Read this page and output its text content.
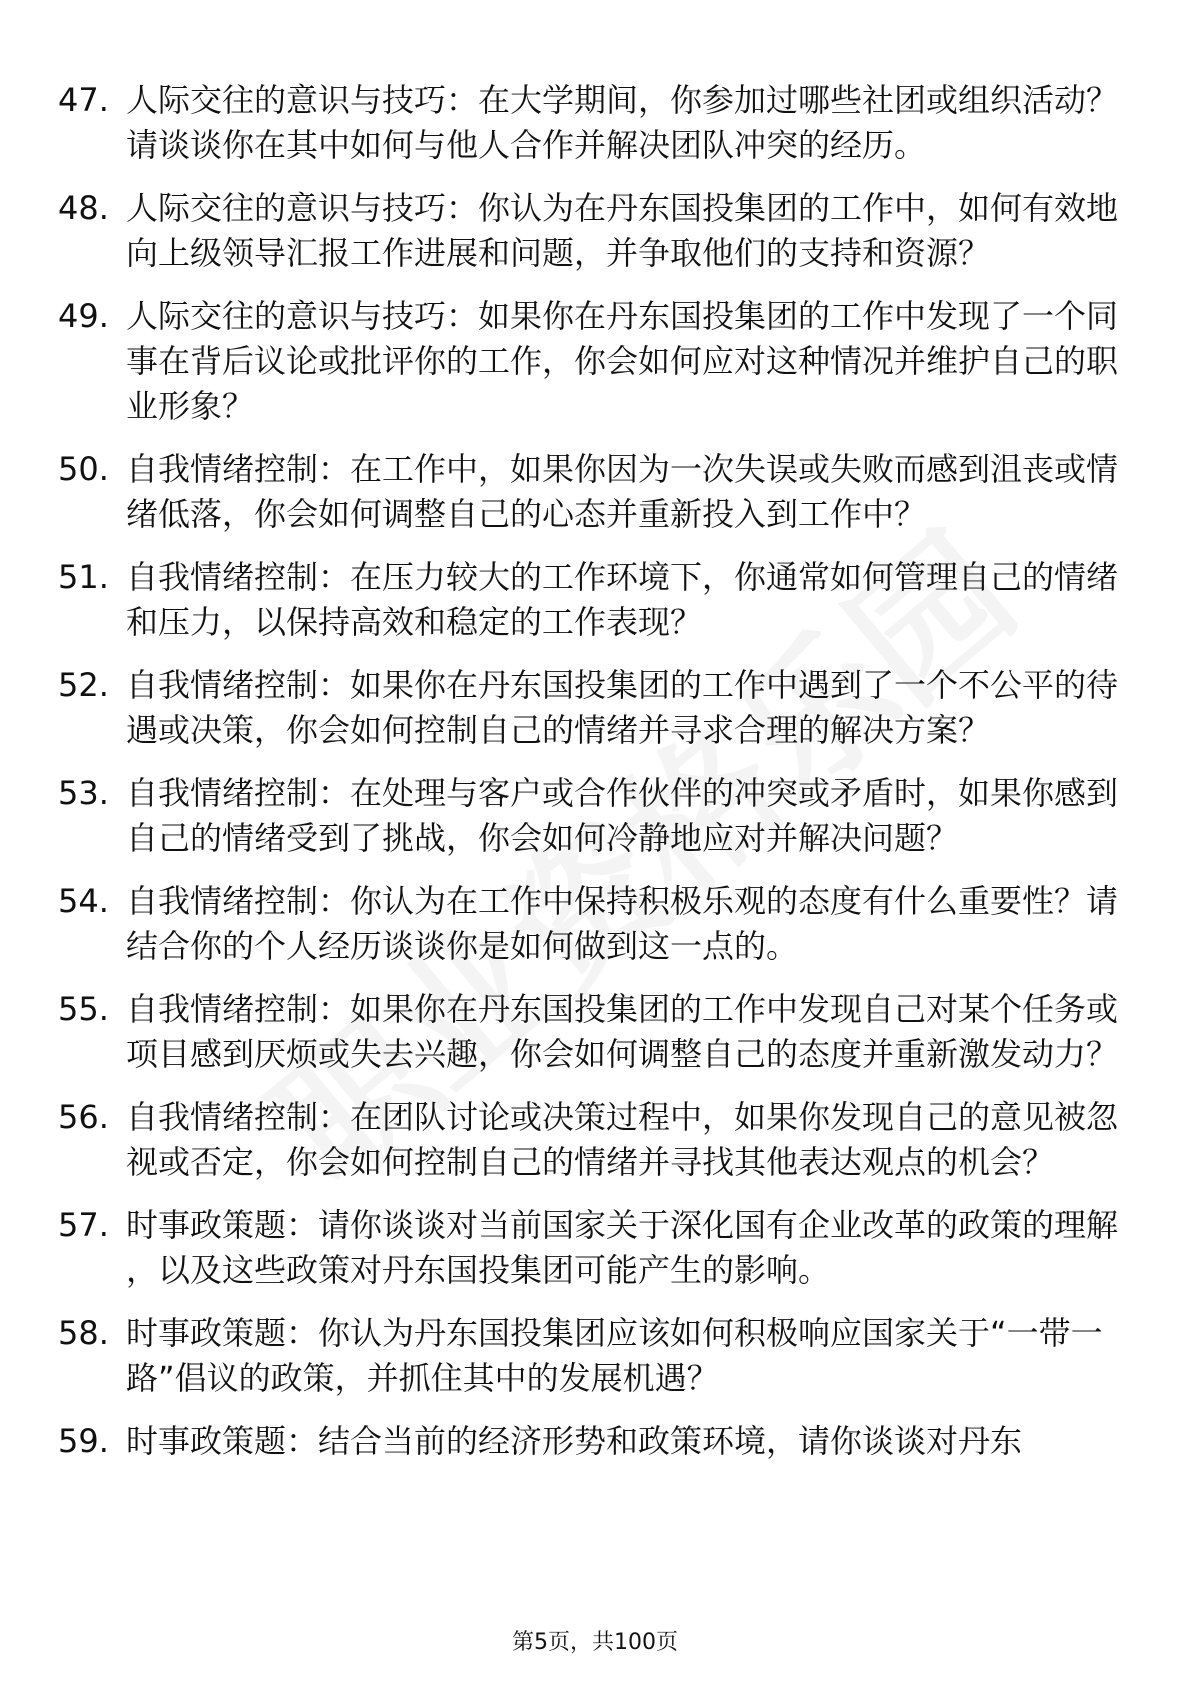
47. 人际交往的意识与技巧：在大学期间，你参加过哪些社团或组织活动？请谈谈你在其中如何与他人合作并解决团队冲突的经历。
48. 人际交往的意识与技巧：你认为在丹东国投集团的工作中，如何有效地向上级领导汇报工作进展和问题，并争取他们的支持和资源？
49. 人际交往的意识与技巧：如果你在丹东国投集团的工作中发现了一个同事在背后议论或批评你的工作，你会如何应对这种情况并维护自己的职业形象？
50. 自我情绪控制：在工作中，如果你因为一次失误或失败而感到沮丧或情绪低落，你会如何调整自己的心态并重新投入到工作中？
51. 自我情绪控制：在压力较大的工作环境下，你通常如何管理自己的情绪和压力，以保持高效和稳定的工作表现？
52. 自我情绪控制：如果你在丹东国投集团的工作中遇到了一个不公平的待遇或决策，你会如何控制自己的情绪并寻求合理的解决方案？
53. 自我情绪控制：在处理与客户或合作伙伴的冲突或矛盾时，如果你感到自己的情绪受到了挑战，你会如何冷静地应对并解决问题？
54. 自我情绪控制：你认为在工作中保持积极乐观的态度有什么重要性？请结合你的个人经历谈谈你是如何做到这一点的。
55. 自我情绪控制：如果你在丹东国投集团的工作中发现自己对某个任务或项目感到厌烦或失去兴趣，你会如何调整自己的态度并重新激发动力？
56. 自我情绪控制：在团队讨论或决策过程中，如果你发现自己的意见被忽视或否定，你会如何控制自己的情绪并寻找其他表达观点的机会？
57. 时事政策题：请你谈谈对当前国家关于深化国有企业改革的政策的理解，以及这些政策对丹东国投集团可能产生的影响。
58. 时事政策题：你认为丹东国投集团应该如何积极响应国家关于“一带一路”倡议的政策，并抓住其中的发展机遇？
59. 时事政策题：结合当前的经济形势和政策环境，请你谈谈对丹东
第5页，共100页
